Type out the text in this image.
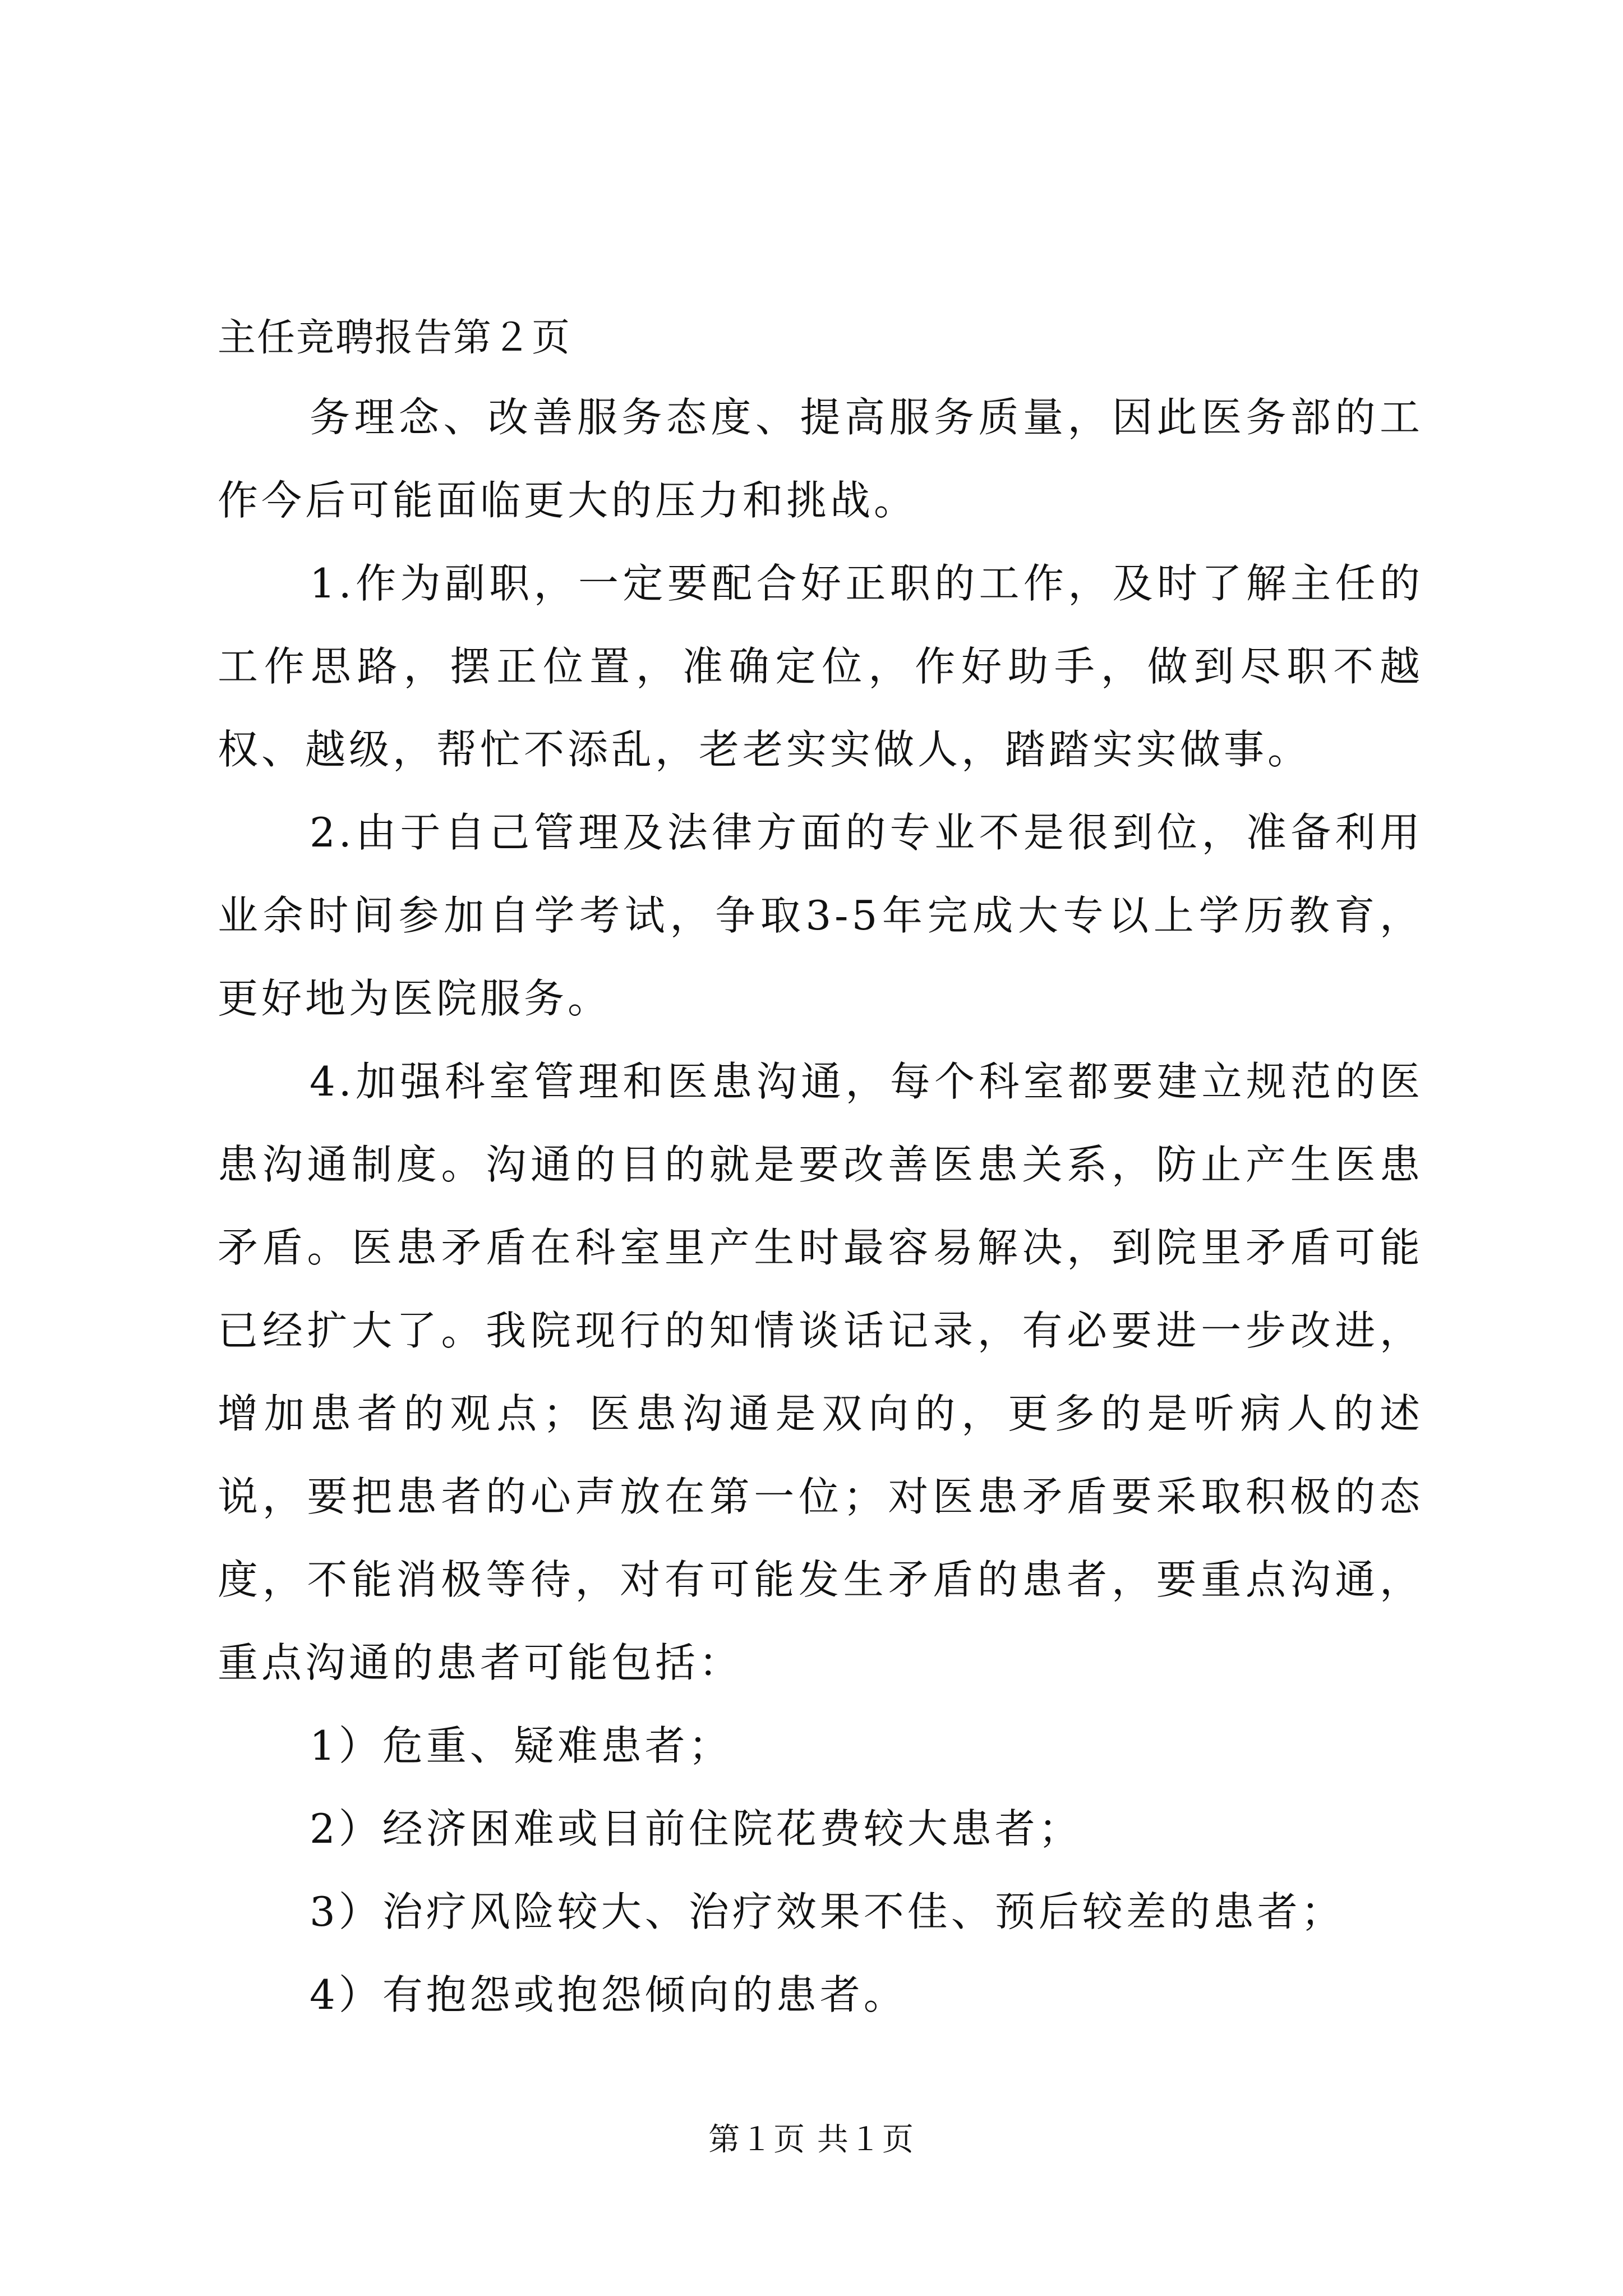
主任竞聘报告第２页

务理念、改善服务态度、提高服务质量，因此医务部的工作今后可能面临更大的压力和挑战。

1.作为副职，一定要配合好正职的工作，及时了解主任的工作思路，摆正位置，准确定位，作好助手，做到尽职不越权、越级，帮忙不添乱，老老实实做人，踏踏实实做事。

2.由于自己管理及法律方面的专业不是很到位，准备利用业余时间参加自学考试，争取3-5年完成大专以上学历教育，更好地为医院服务。

4.加强科室管理和医患沟通，每个科室都要建立规范的医患沟通制度。沟通的目的就是要改善医患关系，防止产生医患矛盾。医患矛盾在科室里产生时最容易解决，到院里矛盾可能已经扩大了。我院现行的知情谈话记录，有必要进一步改进，增加患者的观点；医患沟通是双向的，更多的是听病人的述说，要把患者的心声放在第一位；对医患矛盾要采取积极的态度，不能消极等待，对有可能发生矛盾的患者，要重点沟通，重点沟通的患者可能包括：

1）危重、疑难患者；

2）经济困难或目前住院花费较大患者；

3）治疗风险较大、治疗效果不佳、预后较差的患者；

4）有抱怨或抱怨倾向的患者。

第１页 共１页
